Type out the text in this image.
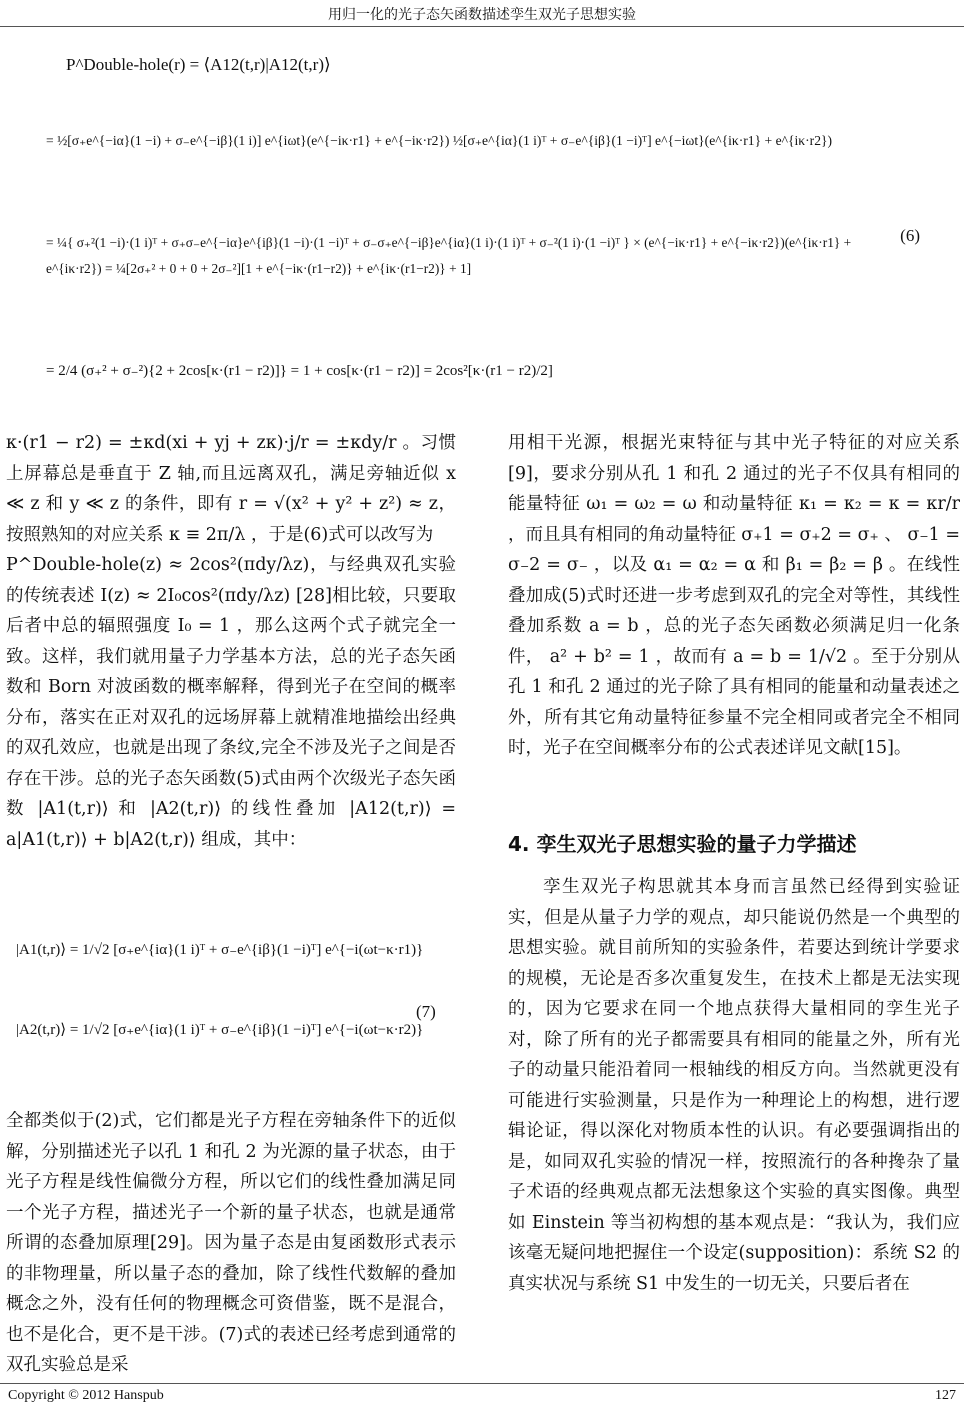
用归一化的光子态矢函数描述孪生双光子思想实验
P^Double-hole(r) = ⟨A12(t,r)|A12(t,r)⟩
= ½[σ₊e^{−iα}(1 −i) + σ₋e^{−iβ}(1 i)] e^{iωt}(e^{−iκ·r1} + e^{−iκ·r2}) ½[σ₊e^{iα}(1 i)ᵀ + σ₋e^{iβ}(1 −i)ᵀ] e^{−iωt}(e^{iκ·r1} + e^{iκ·r2})
= ¼{ σ₊²(1 −i)·(1 i)ᵀ + σ₊σ₋e^{−iα}e^{iβ}(1 −i)·(1 −i)ᵀ + σ₋σ₊e^{−iβ}e^{iα}(1 i)·(1 i)ᵀ + σ₋²(1 i)·(1 −i)ᵀ } × (e^{−iκ·r1} + e^{−iκ·r2})(e^{iκ·r1} + e^{iκ·r2}) = ¼[2σ₊² + 0 + 0 + 2σ₋²][1 + e^{−iκ·(r1−r2)} + e^{iκ·(r1−r2)} + 1]
= 2/4 (σ₊² + σ₋²){2 + 2cos[κ·(r1 − r2)]} = 1 + cos[κ·(r1 − r2)] = 2cos²[κ·(r1 − r2)/2]
(6)

κ·(r1 − r2) = ±κd(xi + yj + zκ)·j/r = ±κdy/r 。习惯上屏幕总是垂直于 Z 轴,而且远离双孔，满足旁轴近似 x ≪ z 和 y ≪ z 的条件，即有 r = √(x² + y² + z²) ≈ z，按照熟知的对应关系 κ ≡ 2π/λ ，于是(6)式可以改写为

P^Double-hole(z) ≈ 2cos²(πdy/λz)，与经典双孔实验的传统表述 I(z) ≈ 2I₀cos²(πdy/λz) [28]相比较，只要取后者中总的辐照强度 I₀ = 1 ，那么这两个式子就完全一致。这样，我们就用量子力学基本方法，总的光子态矢函数和 Born 对波函数的概率解释，得到光子在空间的概率分布，落实在正对双孔的远场屏幕上就精准地描绘出经典的双孔效应，也就是出现了条纹,完全不涉及光子之间是否存在干涉。总的光子态矢函数(5)式由两个次级光子态矢函数 |A1(t,r)⟩ 和 |A2(t,r)⟩ 的线性叠加 |A12(t,r)⟩ = a|A1(t,r)⟩ + b|A2(t,r)⟩ 组成，其中：

|A1(t,r)⟩ = 1/√2 [σ₊e^{iα}(1 i)ᵀ + σ₋e^{iβ}(1 −i)ᵀ] e^{−i(ωt−κ·r1)}
|A2(t,r)⟩ = 1/√2 [σ₊e^{iα}(1 i)ᵀ + σ₋e^{iβ}(1 −i)ᵀ] e^{−i(ωt−κ·r2)}
(7)

全都类似于(2)式，它们都是光子方程在旁轴条件下的近似解，分别描述光子以孔 1 和孔 2 为光源的量子状态，由于光子方程是线性偏微分方程，所以它们的线性叠加满足同一个光子方程，描述光子一个新的量子状态，也就是通常所谓的态叠加原理[29]。因为量子态是由复函数形式表示的非物理量，所以量子态的叠加，除了线性代数解的叠加概念之外，没有任何的物理概念可资借鉴，既不是混合，也不是化合，更不是干涉。(7)式的表述已经考虑到通常的双孔实验总是采

用相干光源，根据光束特征与其中光子特征的对应关系[9]，要求分别从孔 1 和孔 2 通过的光子不仅具有相同的能量特征 ω₁ = ω₂ = ω 和动量特征 κ₁ = κ₂ = κ = κr/r ，而且具有相同的角动量特征 σ₊1 = σ₊2 = σ₊ 、 σ₋1 = σ₋2 = σ₋ ，以及 α₁ = α₂ = α 和 β₁ = β₂ = β 。在线性叠加成(5)式时还进一步考虑到双孔的完全对等性，其线性叠加系数 a = b ，总的光子态矢函数必须满足归一化条件， a² + b² = 1 ，故而有 a = b = 1/√2 。至于分别从孔 1 和孔 2 通过的光子除了具有相同的能量和动量表述之外，所有其它角动量特征参量不完全相同或者完全不相同时，光子在空间概率分布的公式表述详见文献[15]。

4. 孪生双光子思想实验的量子力学描述

孪生双光子构思就其本身而言虽然已经得到实验证实，但是从量子力学的观点，却只能说仍然是一个典型的思想实验。就目前所知的实验条件，若要达到统计学要求的规模，无论是否多次重复发生，在技术上都是无法实现的，因为它要求在同一个地点获得大量相同的孪生光子对，除了所有的光子都需要具有相同的能量之外，所有光子的动量只能沿着同一根轴线的相反方向。当然就更没有可能进行实验测量，只是作为一种理论上的构想，进行逻辑论证，得以深化对物质本性的认识。有必要强调指出的是，如同双孔实验的情况一样，按照流行的各种搀杂了量子术语的经典观点都无法想象这个实验的真实图像。典型如 Einstein 等当初构想的基本观点是：“我认为，我们应该毫无疑问地把握住一个设定(supposition)：系统 S2 的真实状况与系统 S1 中发生的一切无关，只要后者在

Copyright © 2012 Hanspub	127
